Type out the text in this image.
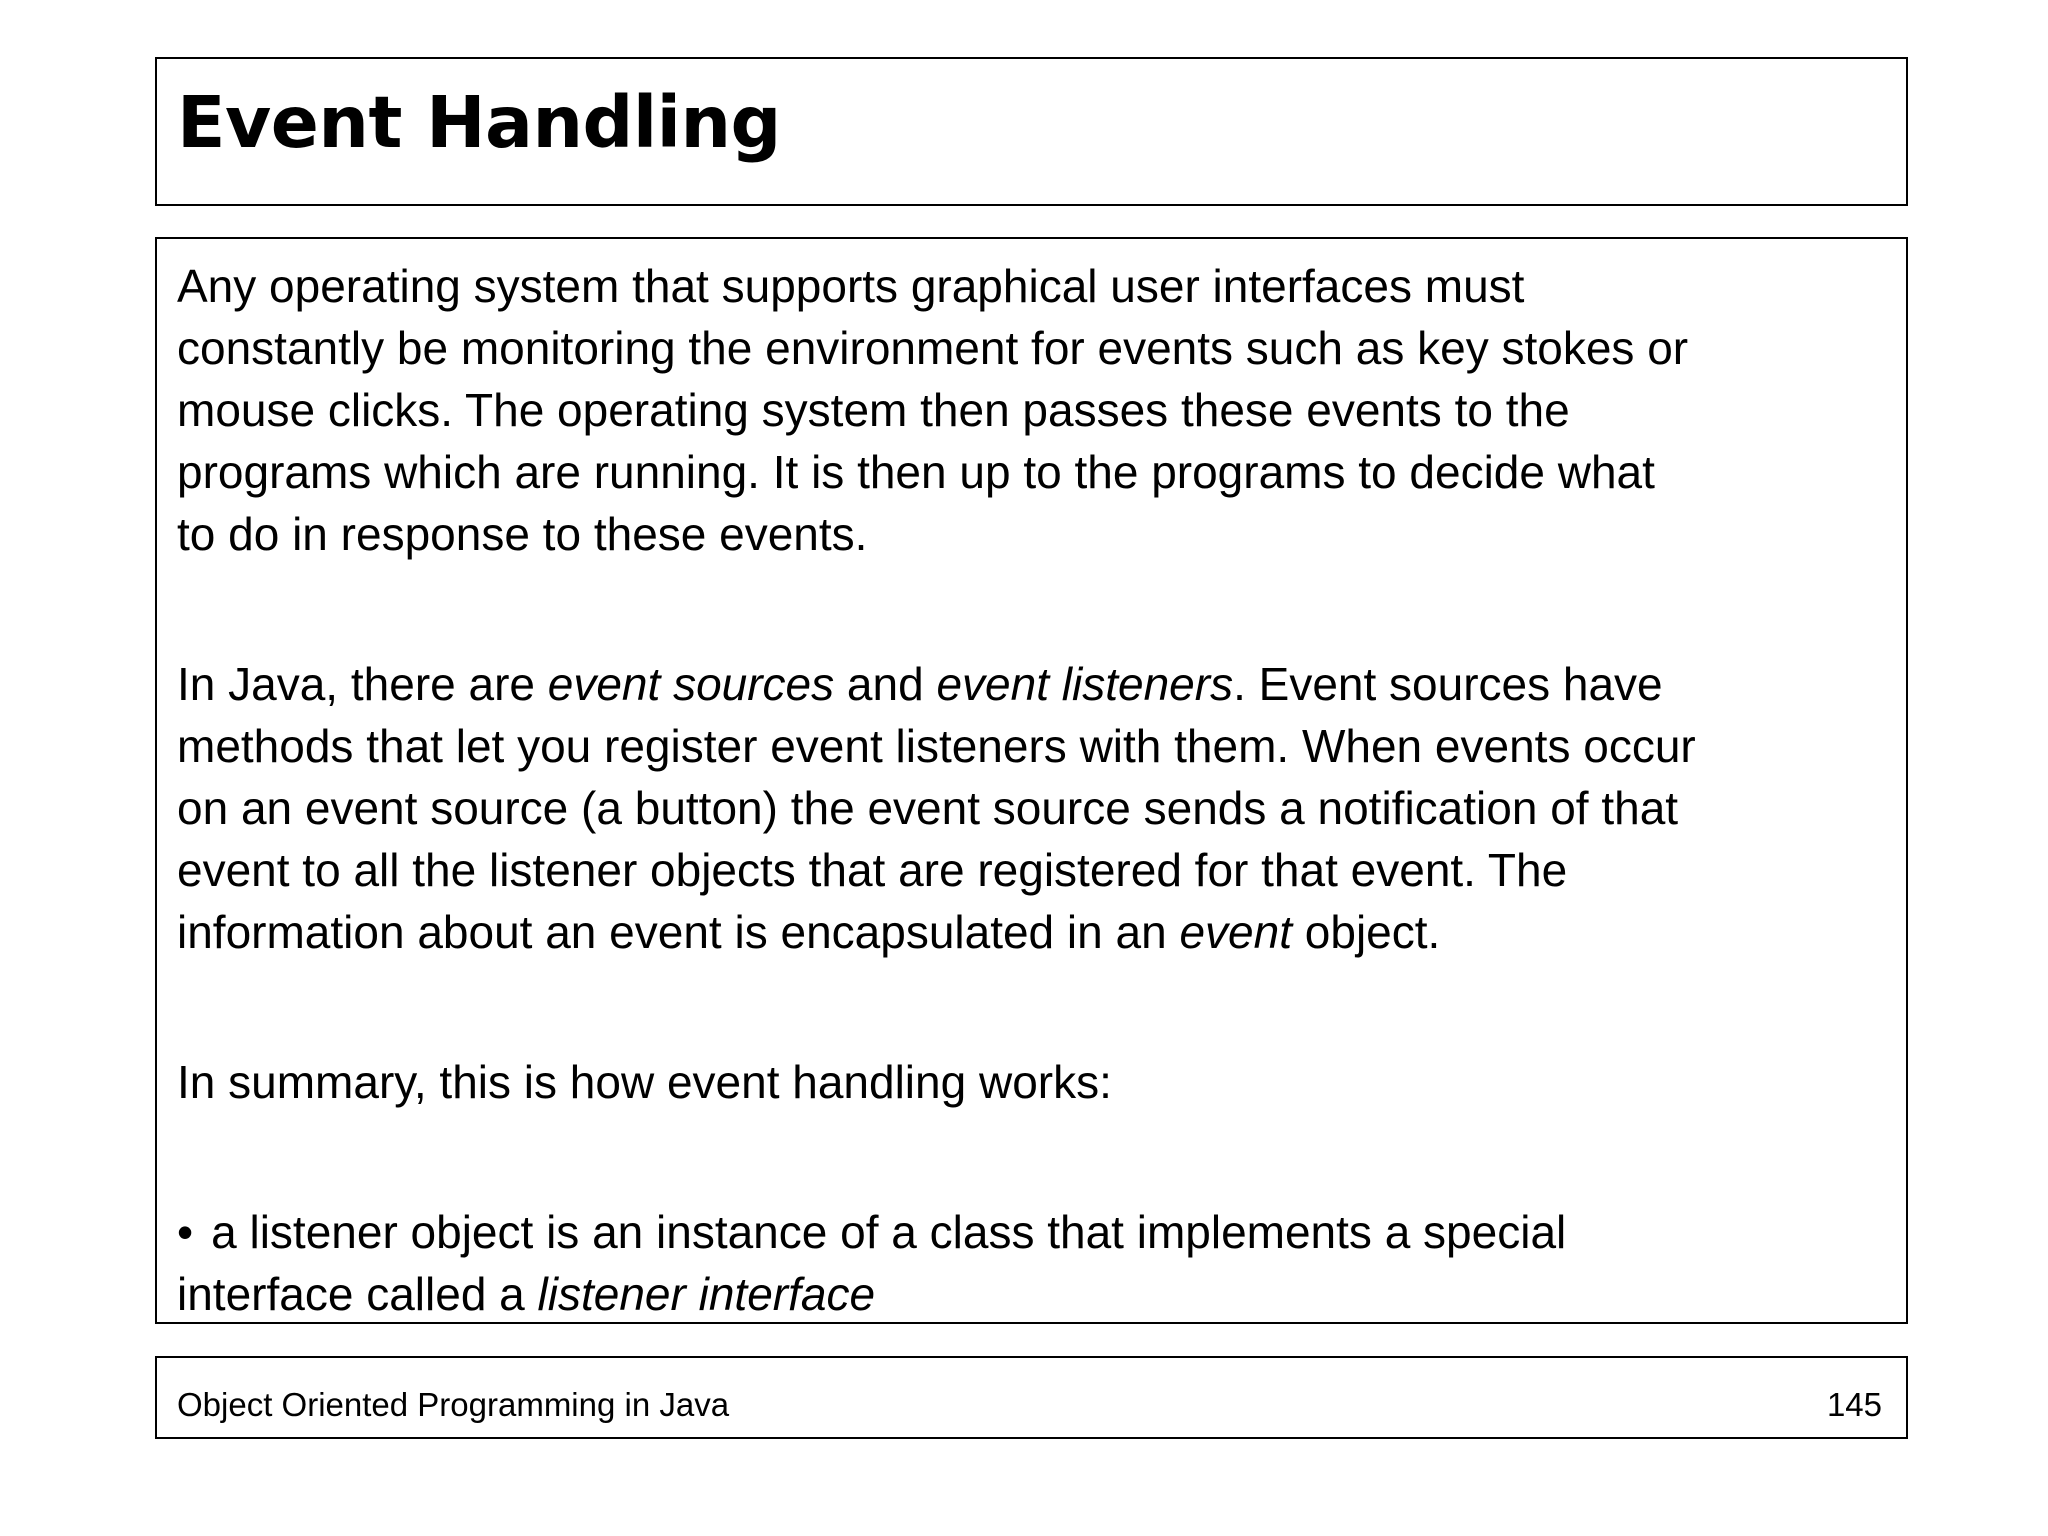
Event Handling

Any operating system that supports graphical user interfaces must
constantly be monitoring the environment for events such as key stokes or
mouse clicks. The operating system then passes these events to the
programs which are running. It is then up to the programs to decide what
to do in response to these events.

In Java, there are event sources and event listeners. Event sources have
methods that let you register event listeners with them. When events occur
on an event source (a button) the event source sends a notification of that
event to all the listener objects that are registered for that event. The
information about an event is encapsulated in an event object.

In summary, this is how event handling works:

• a listener object is an instance of a class that implements a special
interface called a listener interface

Object Oriented Programming in Java	145
